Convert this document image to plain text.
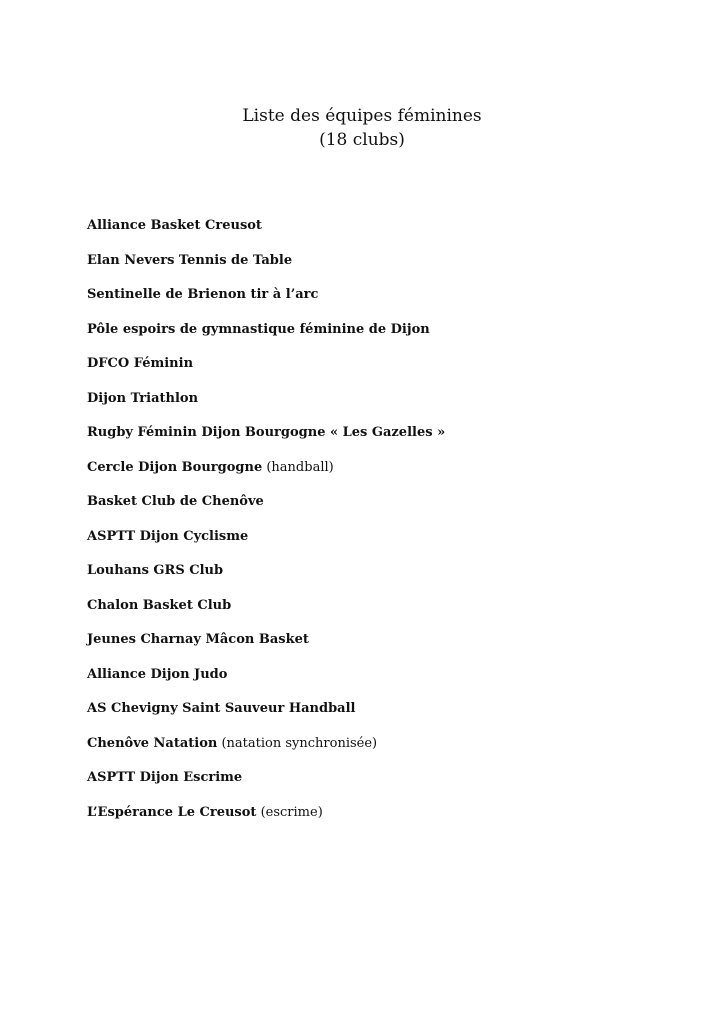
Liste des équipes féminines
(18 clubs)
Alliance Basket Creusot
Elan Nevers Tennis de Table
Sentinelle de Brienon tir à l’arc
Pôle espoirs de gymnastique féminine de Dijon
DFCO Féminin
Dijon Triathlon
Rugby Féminin Dijon Bourgogne « Les Gazelles »
Cercle Dijon Bourgogne (handball)
Basket Club de Chenôve
ASPTT Dijon Cyclisme
Louhans GRS Club
Chalon Basket Club
Jeunes Charnay Mâcon Basket
Alliance Dijon Judo
AS Chevigny Saint Sauveur Handball
Chenôve Natation (natation synchronisée)
ASPTT Dijon Escrime
L’Espérance Le Creusot (escrime)
